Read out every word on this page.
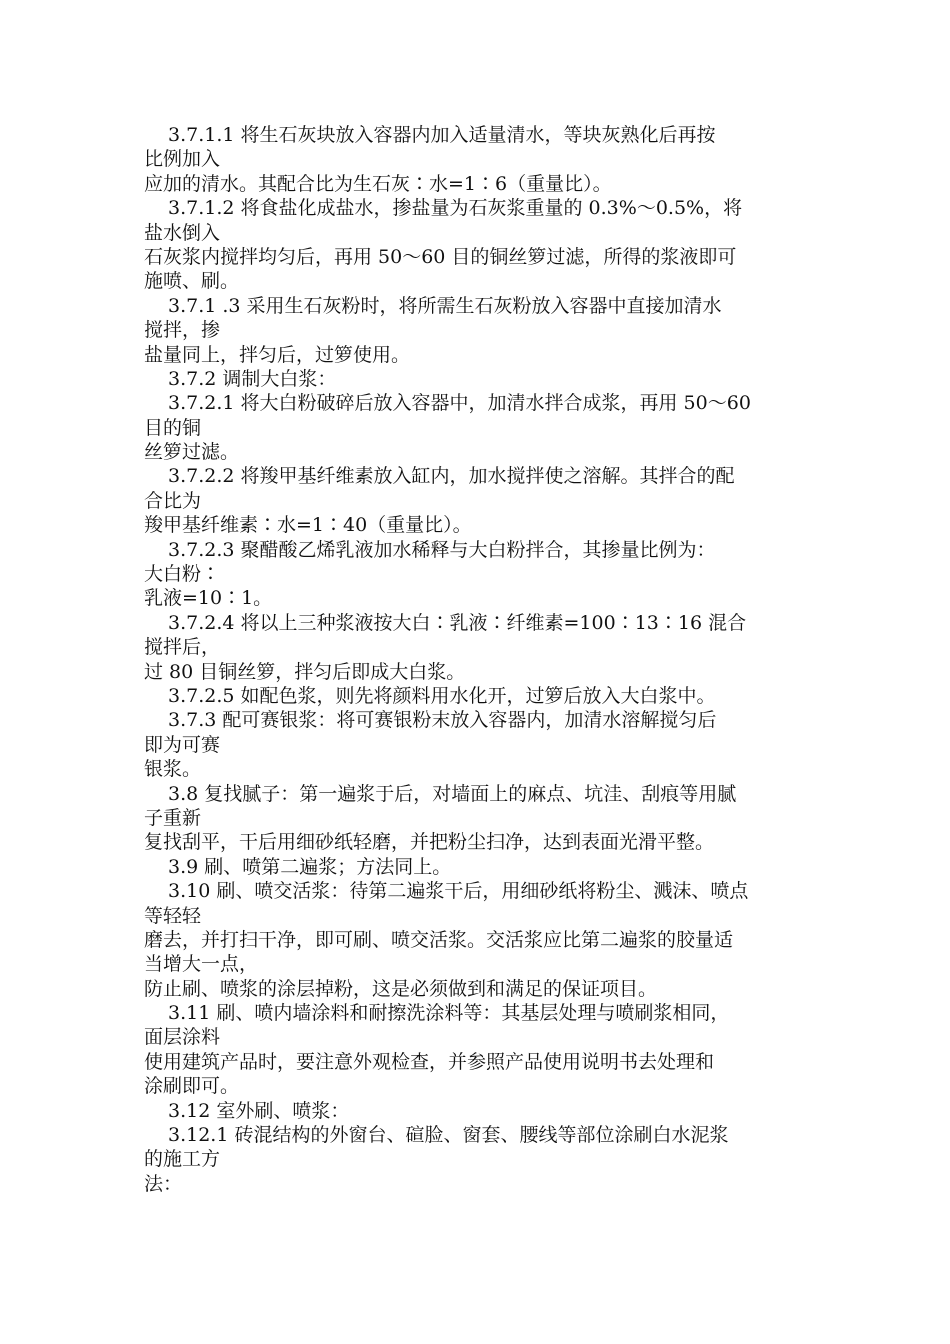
3.7.1.1 将生石灰块放入容器内加入适量清水，等块灰熟化后再按
比例加入
应加的清水。其配合比为生石灰∶水=1∶6（重量比）。
3.7.1.2 将食盐化成盐水，掺盐量为石灰浆重量的 0.3%～0.5%，将
盐水倒入
石灰浆内搅拌均匀后，再用 50～60 目的铜丝箩过滤，所得的浆液即可
施喷、刷。
3.7.1 .3 采用生石灰粉时，将所需生石灰粉放入容器中直接加清水
搅拌，掺
盐量同上，拌匀后，过箩使用。
3.7.2 调制大白浆：
3.7.2.1 将大白粉破碎后放入容器中，加清水拌合成浆，再用 50～60
目的铜
丝箩过滤。
3.7.2.2 将羧甲基纤维素放入缸内，加水搅拌使之溶解。其拌合的配
合比为
羧甲基纤维素∶水=1∶40（重量比）。
3.7.2.3 聚醋酸乙烯乳液加水稀释与大白粉拌合，其掺量比例为：
大白粉∶
乳液=10∶1。
3.7.2.4 将以上三种浆液按大白∶乳液∶纤维素=100∶13∶16 混合
搅拌后，
过 80 目铜丝箩，拌匀后即成大白浆。
3.7.2.5 如配色浆，则先将颜料用水化开，过箩后放入大白浆中。
3.7.3 配可赛银浆：将可赛银粉末放入容器内，加清水溶解搅匀后
即为可赛
银浆。
3.8 复找腻子：第一遍浆于后，对墙面上的麻点、坑洼、刮痕等用腻
子重新
复找刮平，干后用细砂纸轻磨，并把粉尘扫净，达到表面光滑平整。
3.9 刷、喷第二遍浆；方法同上。
3.10 刷、喷交活浆：待第二遍浆干后，用细砂纸将粉尘、溅沫、喷点
等轻轻
磨去，并打扫干净，即可刷、喷交活浆。交活浆应比第二遍浆的胶量适
当增大一点，
防止刷、喷浆的涂层掉粉，这是必须做到和满足的保证项目。
3.11 刷、喷内墙涂料和耐擦洗涂料等：其基层处理与喷刷浆相同，
面层涂料
使用建筑产品时，要注意外观检查，并参照产品使用说明书去处理和
涂刷即可。
3.12 室外刷、喷浆：
3.12.1 砖混结构的外窗台、碹脸、窗套、腰线等部位涂刷白水泥浆
的施工方
法：
